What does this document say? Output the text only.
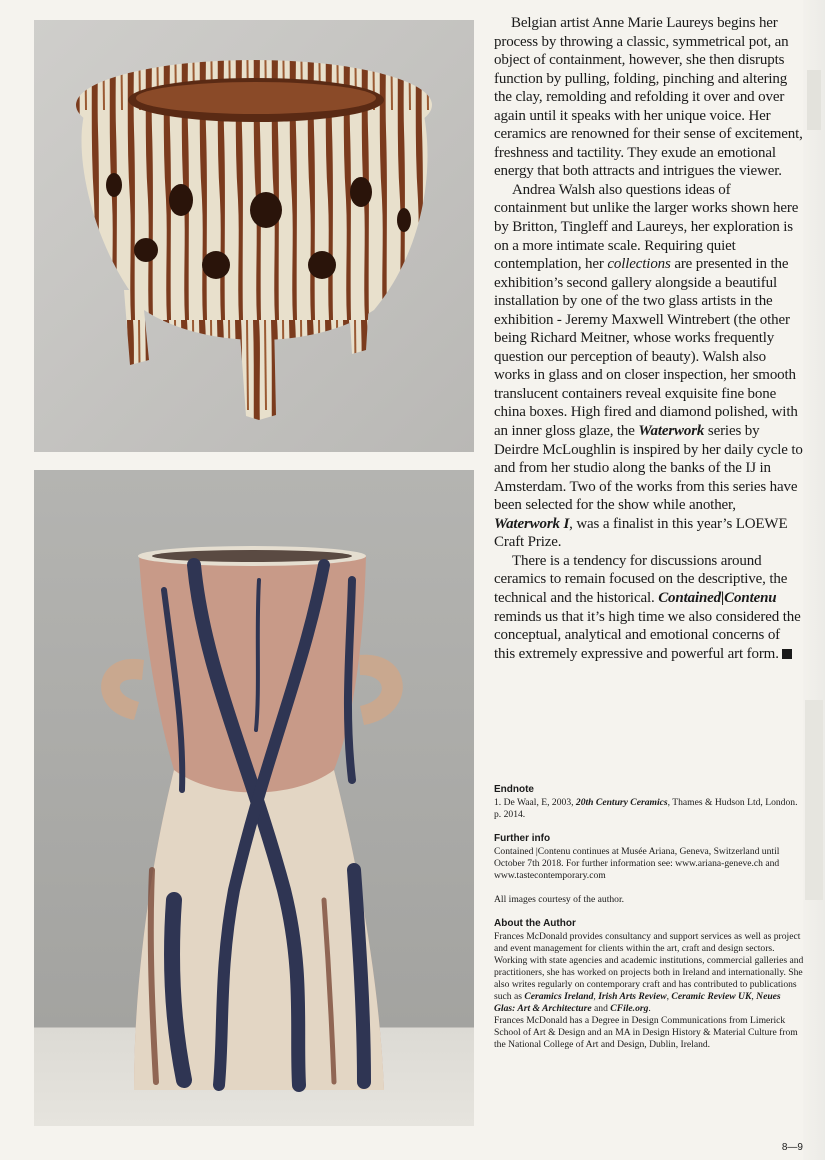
Belgian artist Anne Marie Laureys begins her process by throwing a classic, symmetrical pot, an object of containment, however, she then disrupts function by pulling, folding, pinching and altering the clay, remolding and refolding it over and over again until it speaks with her unique voice. Her ceramics are renowned for their sense of excitement, freshness and tactility. They exude an emotional energy that both attracts and intrigues the viewer.

Andrea Walsh also questions ideas of containment but unlike the larger works shown here by Britton, Tingleff and Laureys, her exploration is on a more intimate scale. Requiring quiet contemplation, her collections are presented in the exhibition’s second gallery alongside a beautiful installation by one of the two glass artists in the exhibition - Jeremy Maxwell Wintrebert (the other being Richard Meitner, whose works frequently question our perception of beauty). Walsh also works in glass and on closer inspection, her smooth translucent containers reveal exquisite fine bone china boxes. High fired and diamond polished, with an inner gloss glaze, the Waterwork series by Deirdre McLoughlin is inspired by her daily cycle to and from her studio along the banks of the IJ in Amsterdam. Two of the works from this series have been selected for the show while another, Waterwork I, was a finalist in this year’s LOEWE Craft Prize.

There is a tendency for discussions around ceramics to remain focused on the descriptive, the technical and the historical. Contained|Contenu reminds us that it’s high time we also considered the conceptual, analytical and emotional concerns of this extremely expressive and powerful art form.

Endnote

1. De Waal, E, 2003, 20th Century Ceramics, Thames & Hudson Ltd, London. p. 2014.

Further info

Contained |Contenu continues at Musée Ariana, Geneva, Switzerland until October 7th 2018. For further information see: www.ariana-geneve.ch and www.tastecontemporary.com

All images courtesy of the author.

About the Author

Frances McDonald provides consultancy and support services as well as project and event management for clients within the art, craft and design sectors.

Working with state agencies and academic institutions, commercial galleries and practitioners, she has worked on projects both in Ireland and internationally. She also writes regularly on contemporary craft and has contributed to publications such as Ceramics Ireland, Irish Arts Review, Ceramic Review UK, Neues Glas: Art & Architecture and CFile.org.

Frances McDonald has a Degree in Design Communications from Limerick School of Art & Design and an MA in Design History & Material Culture from the National College of Art and Design, Dublin, Ireland.

8—9
